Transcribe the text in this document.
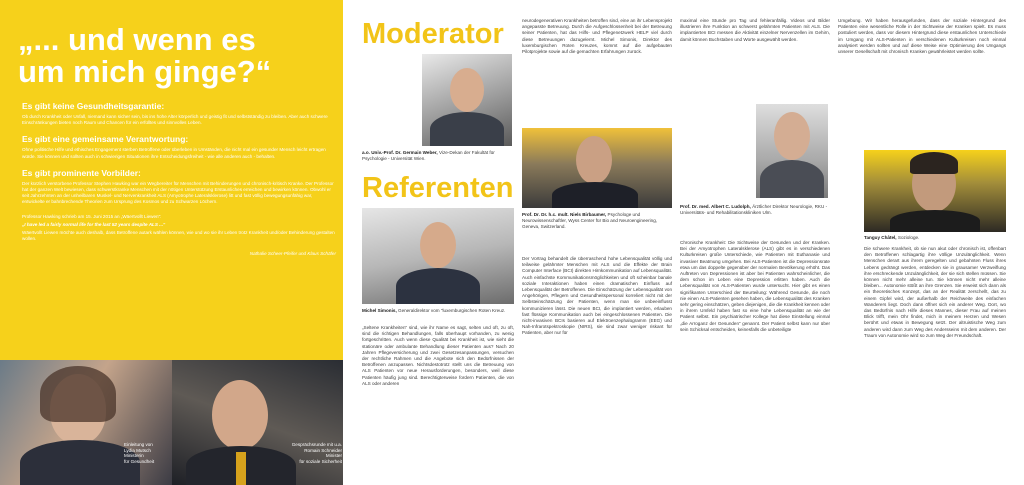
„... und wenn es
um mich ginge?“

Es gibt keine Gesundheitsgarantie:

Ob durch Krankheit oder Unfall, niemand kann sicher sein, bis ins hohe Alter körperlich und geistig fit und selbstständig zu bleiben. Aber auch schwere Einschränkungen bieten noch Raum und Chancen für ein erfülltes und sinnvolles Leben.

Es gibt eine gemeinsame Verantwortung:

Ohne politische Hilfe und ethisches Engagement sterben Betroffene oder überleben in Umständen, die nicht mal ein gesunder Mensch leicht ertragen würde. Sie können und sollten auch in schwierigen Situationen ihre Entscheidungsfreiheit - wie alle anderen auch - behalten.

Es gibt prominente Vorbilder:

Der kürzlich verstorbene Professor Stephen Hawking war ein Wegbereiter für Menschen mit Behinderungen und chronisch-kritisch Kranke. Der Professor hat der ganzen Welt bewiesen, dass schwerstkranke Menschen mit der nötigen Unterstützung Erstaunliches erreichen und bewirken können. Obwohl er seit Jahrzehnten an der unheilbaren Muskel- und Nervenkrankheit ALS (Amyotrophe Lateralsklerose) litt und fast völlig bewegungsunfähig war, entwickelte er bahnbrechende Theorien zum Ursprung des Kosmos und zu Schwarzen Löchern.

Professor Hawking schrieb am 15. Juni 2015 an „Wäertvollt Liewen“:

„I have led a fairly normal life for the last 52 years despite ALS ...“

Wäertvollt Liewen möchte auch deshalb, dass Betroffene autark wählen können, wie und wo sie ihr Leben trotz Krankheit und/oder Behinderung gestalten wollen.

Nathalie Scheer-Pfeifer und Klaus Schäfer

Einleitung von
Lydia Mutsch
Ministerin
für Gesundheit
Gesprächsrunde mit u.a.
Romain Schneider
Minister
für soziale Sicherheit
Moderator

a.o. Univ.-Prof. Dr. Germain Weber, Vize-Dekan der Fakultät für Psychologie - Universität Wien.

Referenten

Michel Simonis, Generaldirektor vom "luxemburgischen Roten Kreuz.

„Seltene Krankheiten“ sind, wie ihr Name es sagt, selten und oft, zu oft, sind die richtigen Behandlungen, falls überhaupt vorhanden, zu wenig fortgeschritten. Auch wenn diese Qualität bei Krankheit ist, wie sieht die stationäre oder ambulante Behandlung dieser Patienten aus? Nach 20 Jahren Pflegeversicherung und zwei Gesetzesanpassungen, versuchen der rechtliche Rahmen und die Angebote sich den Bedürfnissen der Betroffenen anzupassen. Nichtsdestotrotz stellt uns die Betreuung von ALS Patienten vor neue Herausforderungen, besonders, weil diese Patienten häufig jung sind. Berechtigterweise fordern Patienten, die von ALS oder anderen

neurodegenerativen Krankheiten betroffen sind, eine an ihr Lebensprojekt angepasste Betreuung. Durch die Aufgeschlossenheit bei der Betreuung seiner Patienten, hat das Hilfs- und Pflegenetzwerk HELP viel durch diese Betreuungen dazugelernt. Michel Simonis, Direktor des luxemburgischen Roten Kreuzes, kommt auf die aufgebauten Pilotprojekte sowie auf die gemachten Erfahrungen zurück.

Prof. Dr. Dr. h.c. mult. Niels Birbaumer, Psychologe und Neurowissenschaftler, Wyss Center für Bio and Neuroengineering, Geneva, Switzerland.

Der Vortrag behandelt die überraschend hohe Lebensqualität völlig und teilweise gelähmter Menschen mit ALS und die Effekte der Brain Computer Interface (BCI) direkten Hirnkommunikation auf Lebensqualität. Auch einfachste Kommunikationsmöglichkeiten und oft scheinbar banale soziale Interaktionen haben einen dramatischen Einfluss auf Lebensqualität der Betroffenen. Die Einschätzung der Lebensqualität von Angehörigen, Pflegern und Gesundheitspersonal korreliert nicht mit der Selbsteinschätzung der Patienten, wenn man sie unbeeinflusst kommunizieren lässt. Die neuen BCI, die implantiert werden, erlauben fast flüssige Kommunikation auch bei eingeschlossenen Patienten. Die nicht-invasiven BCIs basieren auf Elektroenzephalogramm (EEG) und Nah-Infrarotspektroskopie (NIRS), sie sind zwar weniger riskant für Patienten, aber nur für

maximal eine Stunde pro Tag und fehleranfällig. Videos und Bilder illustrieren ihre Funktion an schwerst gelähmten Patienten mit ALS. Die implantierten BCI messen die Aktivität einzelner Nervenzellen im Gehirn, damit können Buchstaben und Worte ausgewählt werden.

Prof. Dr. med. Albert C. Ludolph, Ärztlicher Direktor Neurologie, RKU - Universitäts- und Rehabilitationskliniken Ulm.

Chronische Krankheit: Die Sichtweise der Gesunden und der Kranken. Bei der Amyotrophen Lateralsklerose (ALS) gibt es in verschiedenen Kulturkreisen große Unterschiede, wie Patienten mit Euthanasie und invasiver Beatmung umgehen. Bei ALS-Patienten ist die Depressionsrate etwa um das doppelte gegenüber der normalen Bevölkerung erhöht. Das Auftreten von Depressionen ist aber bei Patienten wahrscheinlicher, die dem schon im Leben eine Depression erlitten haben. Auch die Lebensqualität von ALS-Patienten wurde untersucht. Hier gibt es einen signifikanten Unterschied der Beurteilung: Während Gesunde, die noch nie einen ALS-Patienten gesehen haben, die Lebensqualität des Kranken sehr gering einschätzen, geben diejenigen, die die Krankheit kennen oder in ihrem Umfeld haben fast so eine hohe Lebensqualität an wie der Patient selbst. Ein psychiatrischer Kollege hat diese Einstellung einmal „die Arroganz der Gesunden“ genannt. Der Patient selbst kann nur über sein Schicksal entscheiden, keinesfalls die unbeteiligte

Umgebung. Wir haben herausgefunden, dass der soziale Hintergrund des Patienten eine wesentliche Rolle in der Sichtweise der Kranken spielt. Es muss postuliert werden, dass vor diesem Hintergrund diese erstaunlichen Unterschiede im Umgang mit ALS-Patienten in verschiedenen Kulturkreisen noch einmal analysiert werden sollten und auf diese Weise eine Optimierung des Umgangs unserer Gesellschaft mit chronisch Kranken gewährleistet werden sollte.

Tanguy Châtel, Soziologe.

Die schwere Krankheit, ob sie nun akut oder chronisch ist, offenbart den Betroffenen schlagartig ihre völlige Unzulänglichkeit. Wenn Menschen derart aus ihrem geregelten und gebahnten Fluss ihres Lebens gedrängt werden, entdecken sie in grausamer Verzweiflung ihre erschreckende Unzulänglichkeit, der sie sich stellen müssen. Sie können nicht mehr alleine tun. Sie können nicht mehr alleine bleiben... Autonomie stößt an ihre Grenzen. Sie erweist sich dann als ein theoretisches Konzept, das an der Realität zerschellt, das zu einem Gipfel wird, der außerhalb der Reichweite des einfachen Wanderers liegt. Doch dann öffnet sich ein anderer Weg. Dort, wo das Bedürfnis nach Hilfe dieses Mannes, dieser Frau auf meinen Blick trifft, mein Ohr findet, mich in meinem Herzen und Wesen berührt und etwas in Bewegung setzt. Der altruistische Weg zum anderen wird dann zum Weg des Andersseins mit dem anderen. Der Traum von Autonomie wird so zum Weg der Freundschaft.
